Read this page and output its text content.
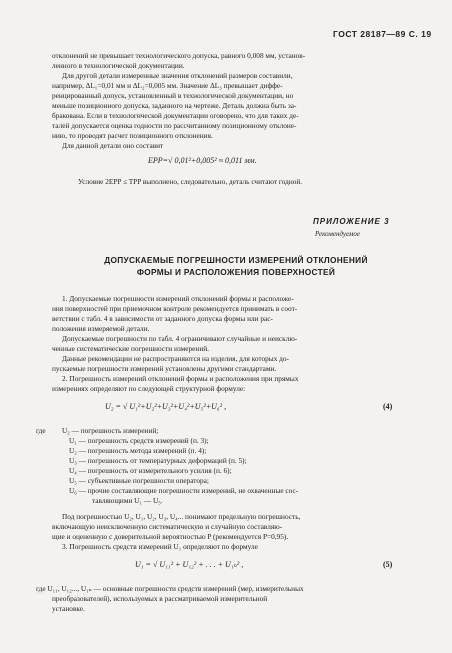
ГОСТ 28187—89 С. 19
отклонений не превышает технологического допуска, равного 0,008 мм, установ-
ленного в технологической документации.
Для другой детали измеренные значения отклонений размеров составили,
например, ΔL₁=0,01 мм и ΔL₂=0,005 мм. Значение ΔL₃ превышает диффе-
ренцированный допуск, установленный в технологической документации, но
меньше позиционного допуска, заданного на чертеже. Деталь должна быть за-
бракована. Если в технологической документации оговорено, что для таких де-
талей допускается оценка годности по рассчитанному позиционному отклоне-
нию, то проводят расчет позиционного отклонения.
Для данной детали оно составит
EPP=√ 0,01²+0,005² ≈ 0,011 мм.
Условие 2EPP ≤ TPP выполнено, следовательно, деталь считают годной.
ПРИЛОЖЕНИЕ 3
Рекомендуемое
ДОПУСКАЕМЫЕ ПОГРЕШНОСТИ ИЗМЕРЕНИЙ ОТКЛОНЕНИЙ
ФОРМЫ И РАСПОЛОЖЕНИЯ ПОВЕРХНОСТЕЙ
1. Допускаемые погрешности измерений отклонений формы и расположе-
ния поверхностей при приемочном контроле рекомендуется принимать в соот-
ветствии с табл. 4 в зависимости от заданного допуска формы или рас-
положения измеряемой детали.
Допускаемые погрешности по табл. 4 ограничивают случайные и неисклю-
ченные систематические погрешности измерений.
Данные рекомендации не распространяются на изделия, для которых до-
пускаемые погрешности измерений установлены другими стандартами.
2. Погрешность измерений отклонений формы и расположения при прямых
измерениях определяют по следующей структурной формуле:
U₂ = √ U₁²+U₂²+U₃²+U₄²+U₅²+U₆² ,	(4)
где U₂ — погрешность измерений;
U₁ — погрешность средств измерений (п. 3);
U₂ — погрешность метода измерений (п. 4);
U₃ — погрешность от температурных деформаций (п. 5);
U₄ — погрешность от измерительного усилия (п. 6);
U₅ — субъективные погрешности оператора;
U₆ — прочие составляющие погрешности измерений, не охваченные сос-
тавляющими U₁ — U₅.
Под погрешностью U₂, U₁, U₂, U₃, U₄... понимают предельную погрешность,
включающую неисключенную систематическую и случайную составляю-
щие и оцененную с доверительной вероятностью P (рекомендуется P=0,95).
3. Погрешность средств измерений U₁ определяют по формуле
U₁ = √ U₁₁² + U₁₂² + . . . + U₁ₙ² ,	(5)
где U₁₁, U₁₂..., U₁ₙ — основные погрешности средств измерений (мер, измерительных
преобразователей), используемых в рассматриваемой измерительной
установке.
